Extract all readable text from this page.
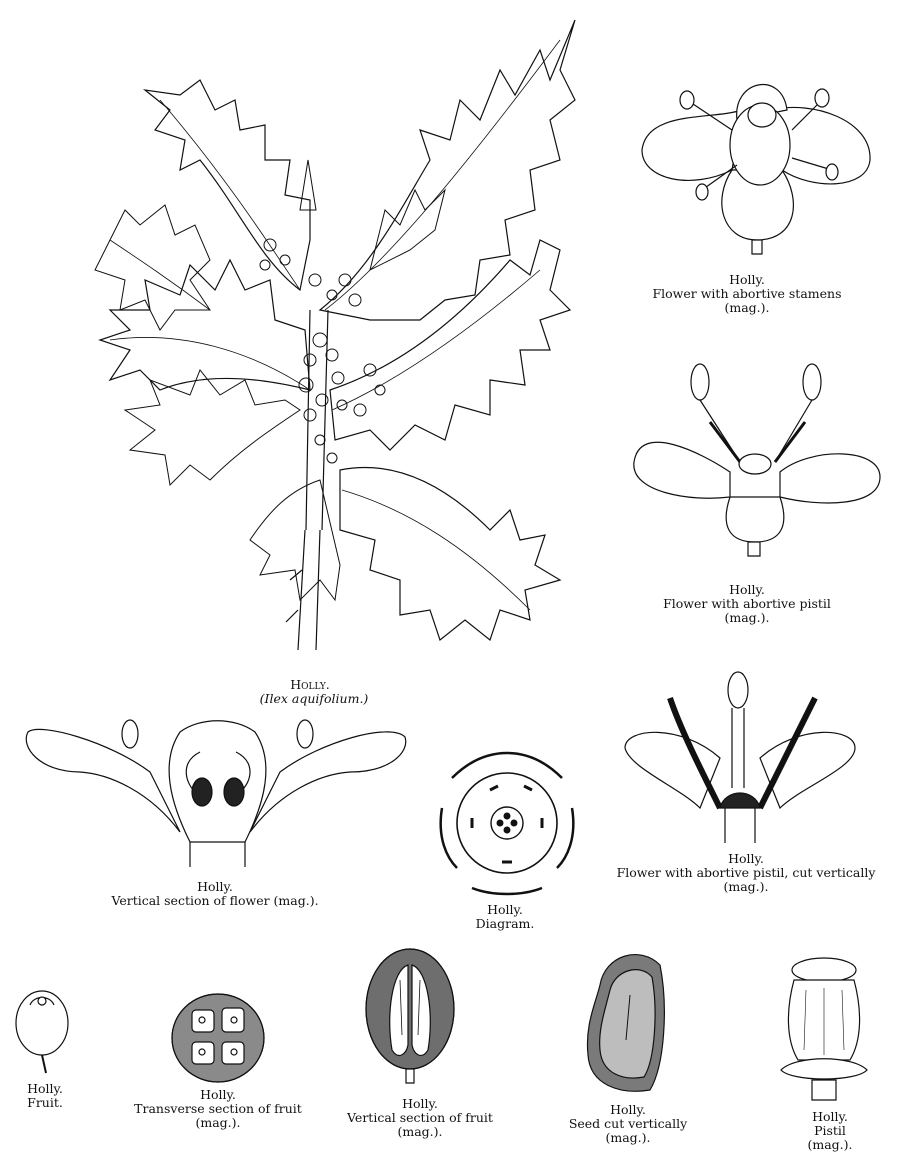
Holly.
(Ilex aquifolium.)
Holly.
Flower with abortive stamens
(mag.).
Holly.
Flower with abortive pistil
(mag.).
Holly.
Vertical section of flower (mag.).
Holly.
Diagram.
Holly.
Flower with abortive pistil, cut vertically
(mag.).
Holly.
Fruit.
Holly.
Transverse section of fruit
(mag.).
Holly.
Vertical section of fruit
(mag.).
Holly.
Seed cut vertically
(mag.).
Holly.
Pistil
(mag.).
